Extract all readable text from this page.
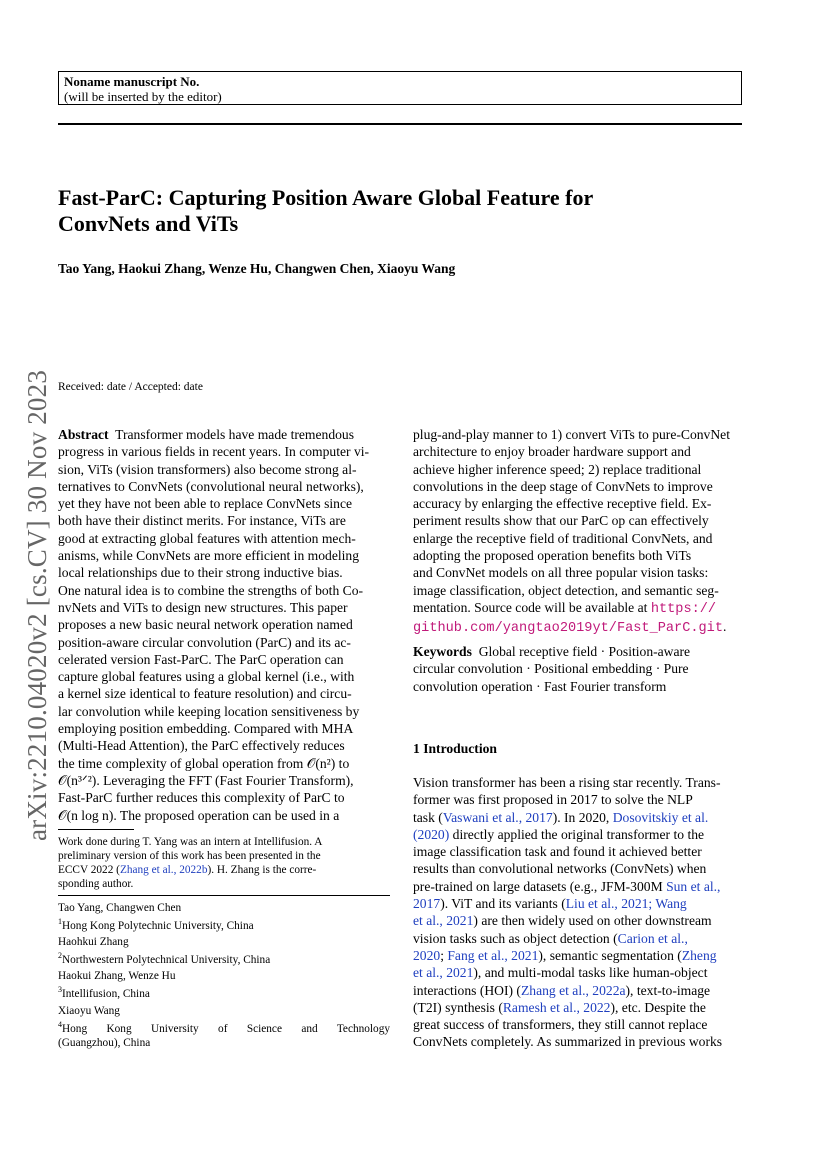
Noname manuscript No.
(will be inserted by the editor)
Fast-ParC: Capturing Position Aware Global Feature for
ConvNets and ViTs
Tao Yang, Haokui Zhang, Wenze Hu, Changwen Chen, Xiaoyu Wang
arXiv:2210.04020v2 [cs.CV] 30 Nov 2023 Received: date / Accepted: date
Abstract Transformer models have made tremendous
progress in various fields in recent years. In computer vi-
sion, ViTs (vision transformers) also become strong al-
ternatives to ConvNets (convolutional neural networks),
yet they have not been able to replace ConvNets since
both have their distinct merits. For instance, ViTs are
good at extracting global features with attention mech-
anisms, while ConvNets are more efficient in modeling
local relationships due to their strong inductive bias.
One natural idea is to combine the strengths of both Co-
nvNets and ViTs to design new structures. This paper
proposes a new basic neural network operation named
position-aware circular convolution (ParC) and its ac-
celerated version Fast-ParC. The ParC operation can
capture global features using a global kernel (i.e., with
a kernel size identical to feature resolution) and circu-
lar convolution while keeping location sensitiveness by
employing position embedding. Compared with MHA
(Multi-Head Attention), the ParC effectively reduces
the time complexity of global operation from 𝒪(n²) to
𝒪(n³ᐟ²). Leveraging the FFT (Fast Fourier Transform),
Fast-ParC further reduces this complexity of ParC to
𝒪(n log n). The proposed operation can be used in a
plug-and-play manner to 1) convert ViTs to pure-ConvNet
architecture to enjoy broader hardware support and
achieve higher inference speed; 2) replace traditional
convolutions in the deep stage of ConvNets to improve
accuracy by enlarging the effective receptive field. Ex-
periment results show that our ParC op can effectively
enlarge the receptive field of traditional ConvNets, and
adopting the proposed operation benefits both ViTs
and ConvNet models on all three popular vision tasks:
image classification, object detection, and semantic seg-
mentation. Source code will be available at https://
github.com/yangtao2019yt/Fast_ParC.git.
Keywords Global receptive field · Position-aware
circular convolution · Positional embedding · Pure
convolution operation · Fast Fourier transform
1 Introduction
Vision transformer has been a rising star recently. Trans-
former was first proposed in 2017 to solve the NLP
task (Vaswani et al., 2017). In 2020, Dosovitskiy et al.
(2020) directly applied the original transformer to the
image classification task and found it achieved better
results than convolutional networks (ConvNets) when
pre-trained on large datasets (e.g., JFM-300M Sun et al.,
2017). ViT and its variants (Liu et al., 2021; Wang
et al., 2021) are then widely used on other downstream
vision tasks such as object detection (Carion et al.,
2020; Fang et al., 2021), semantic segmentation (Zheng
et al., 2021), and multi-modal tasks like human-object
interactions (HOI) (Zhang et al., 2022a), text-to-image
(T2I) synthesis (Ramesh et al., 2022), etc. Despite the
great success of transformers, they still cannot replace
ConvNets completely. As summarized in previous works
Work done during T. Yang was an intern at Intellifusion. A
preliminary version of this work has been presented in the
ECCV 2022 (Zhang et al., 2022b). H. Zhang is the corre-
sponding author.
Tao Yang, Changwen Chen
$^1$Hong Kong Polytechnic University, China
Haohkui Zhang
$^2$Northwestern Polytechnical University, China
Haokui Zhang, Wenze Hu
$^3$Intellifusion, China
Xiaoyu Wang
$^4$Hong  Kong  University  of  Science  and  Technology
(Guangzhou), China
